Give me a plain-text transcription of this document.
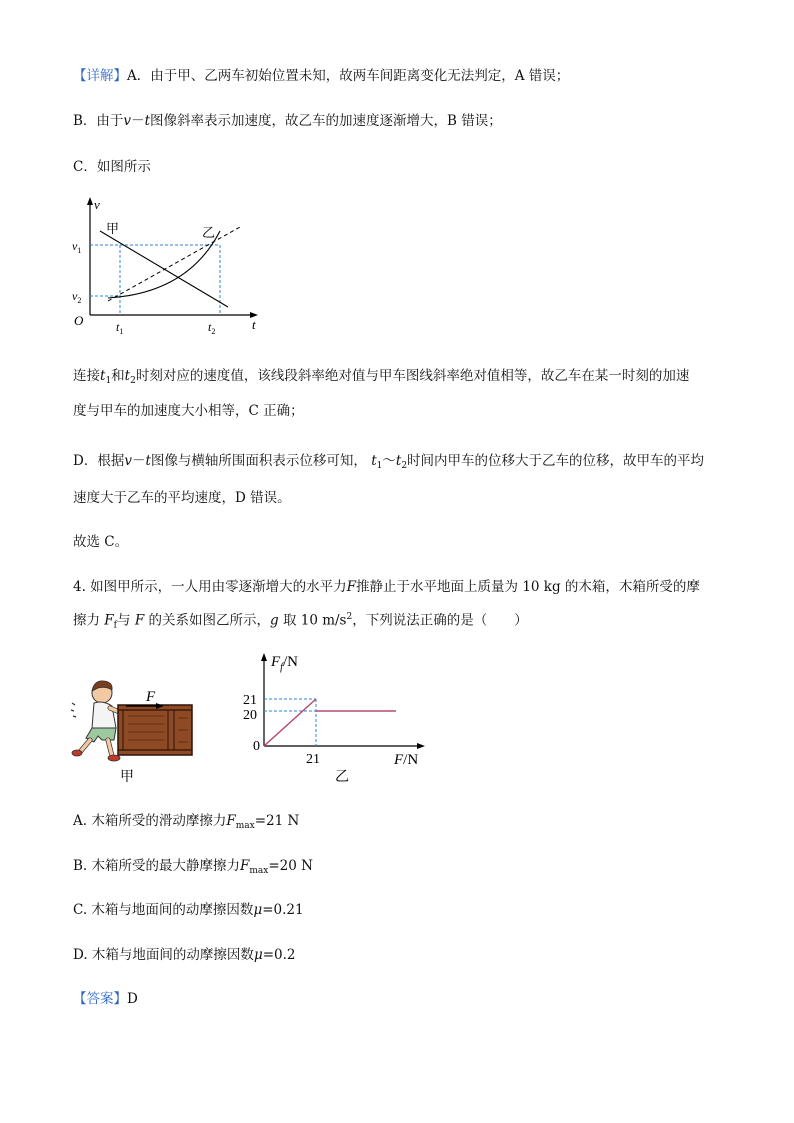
【详解】A．由于甲、乙两车初始位置未知，故两车间距离变化无法判定，A 错误；
B．由于v－t图像斜率表示加速度，故乙车的加速度逐渐增大，B 错误；
C．如图所示
v
甲	乙
$v_1$
$v_2$
O	$t_1$	$t_2$	t
连接$t_1$和$t_2$时刻对应的速度值，该线段斜率绝对值与甲车图线斜率绝对值相等，故乙车在某一时刻的加速
度与甲车的加速度大小相等，C 正确；
D．根据v－t图像与横轴所围面积表示位移可知， $t_1\sim t_2$时间内甲车的位移大于乙车的位移，故甲车的平均
速度大于乙车的平均速度，D 错误。
故选 C。
4. 如图甲所示，一人用由零逐渐增大的水平力F推静止于水平地面上质量为 10 kg 的木箱，木箱所受的摩
擦力 $F_f$与 F 的关系如图乙所示，g 取 10 $m/s^2$，下列说法正确的是（　　）
F
甲
$F_f/N$
21
20
0
21	F/N
乙
A. 木箱所受的滑动摩擦力$F_{max}=21$ N
B. 木箱所受的最大静摩擦力$F_{max}=20$ N
C. 木箱与地面间的动摩擦因数μ=0.21
D. 木箱与地面间的动摩擦因数μ=0.2
【答案】D
